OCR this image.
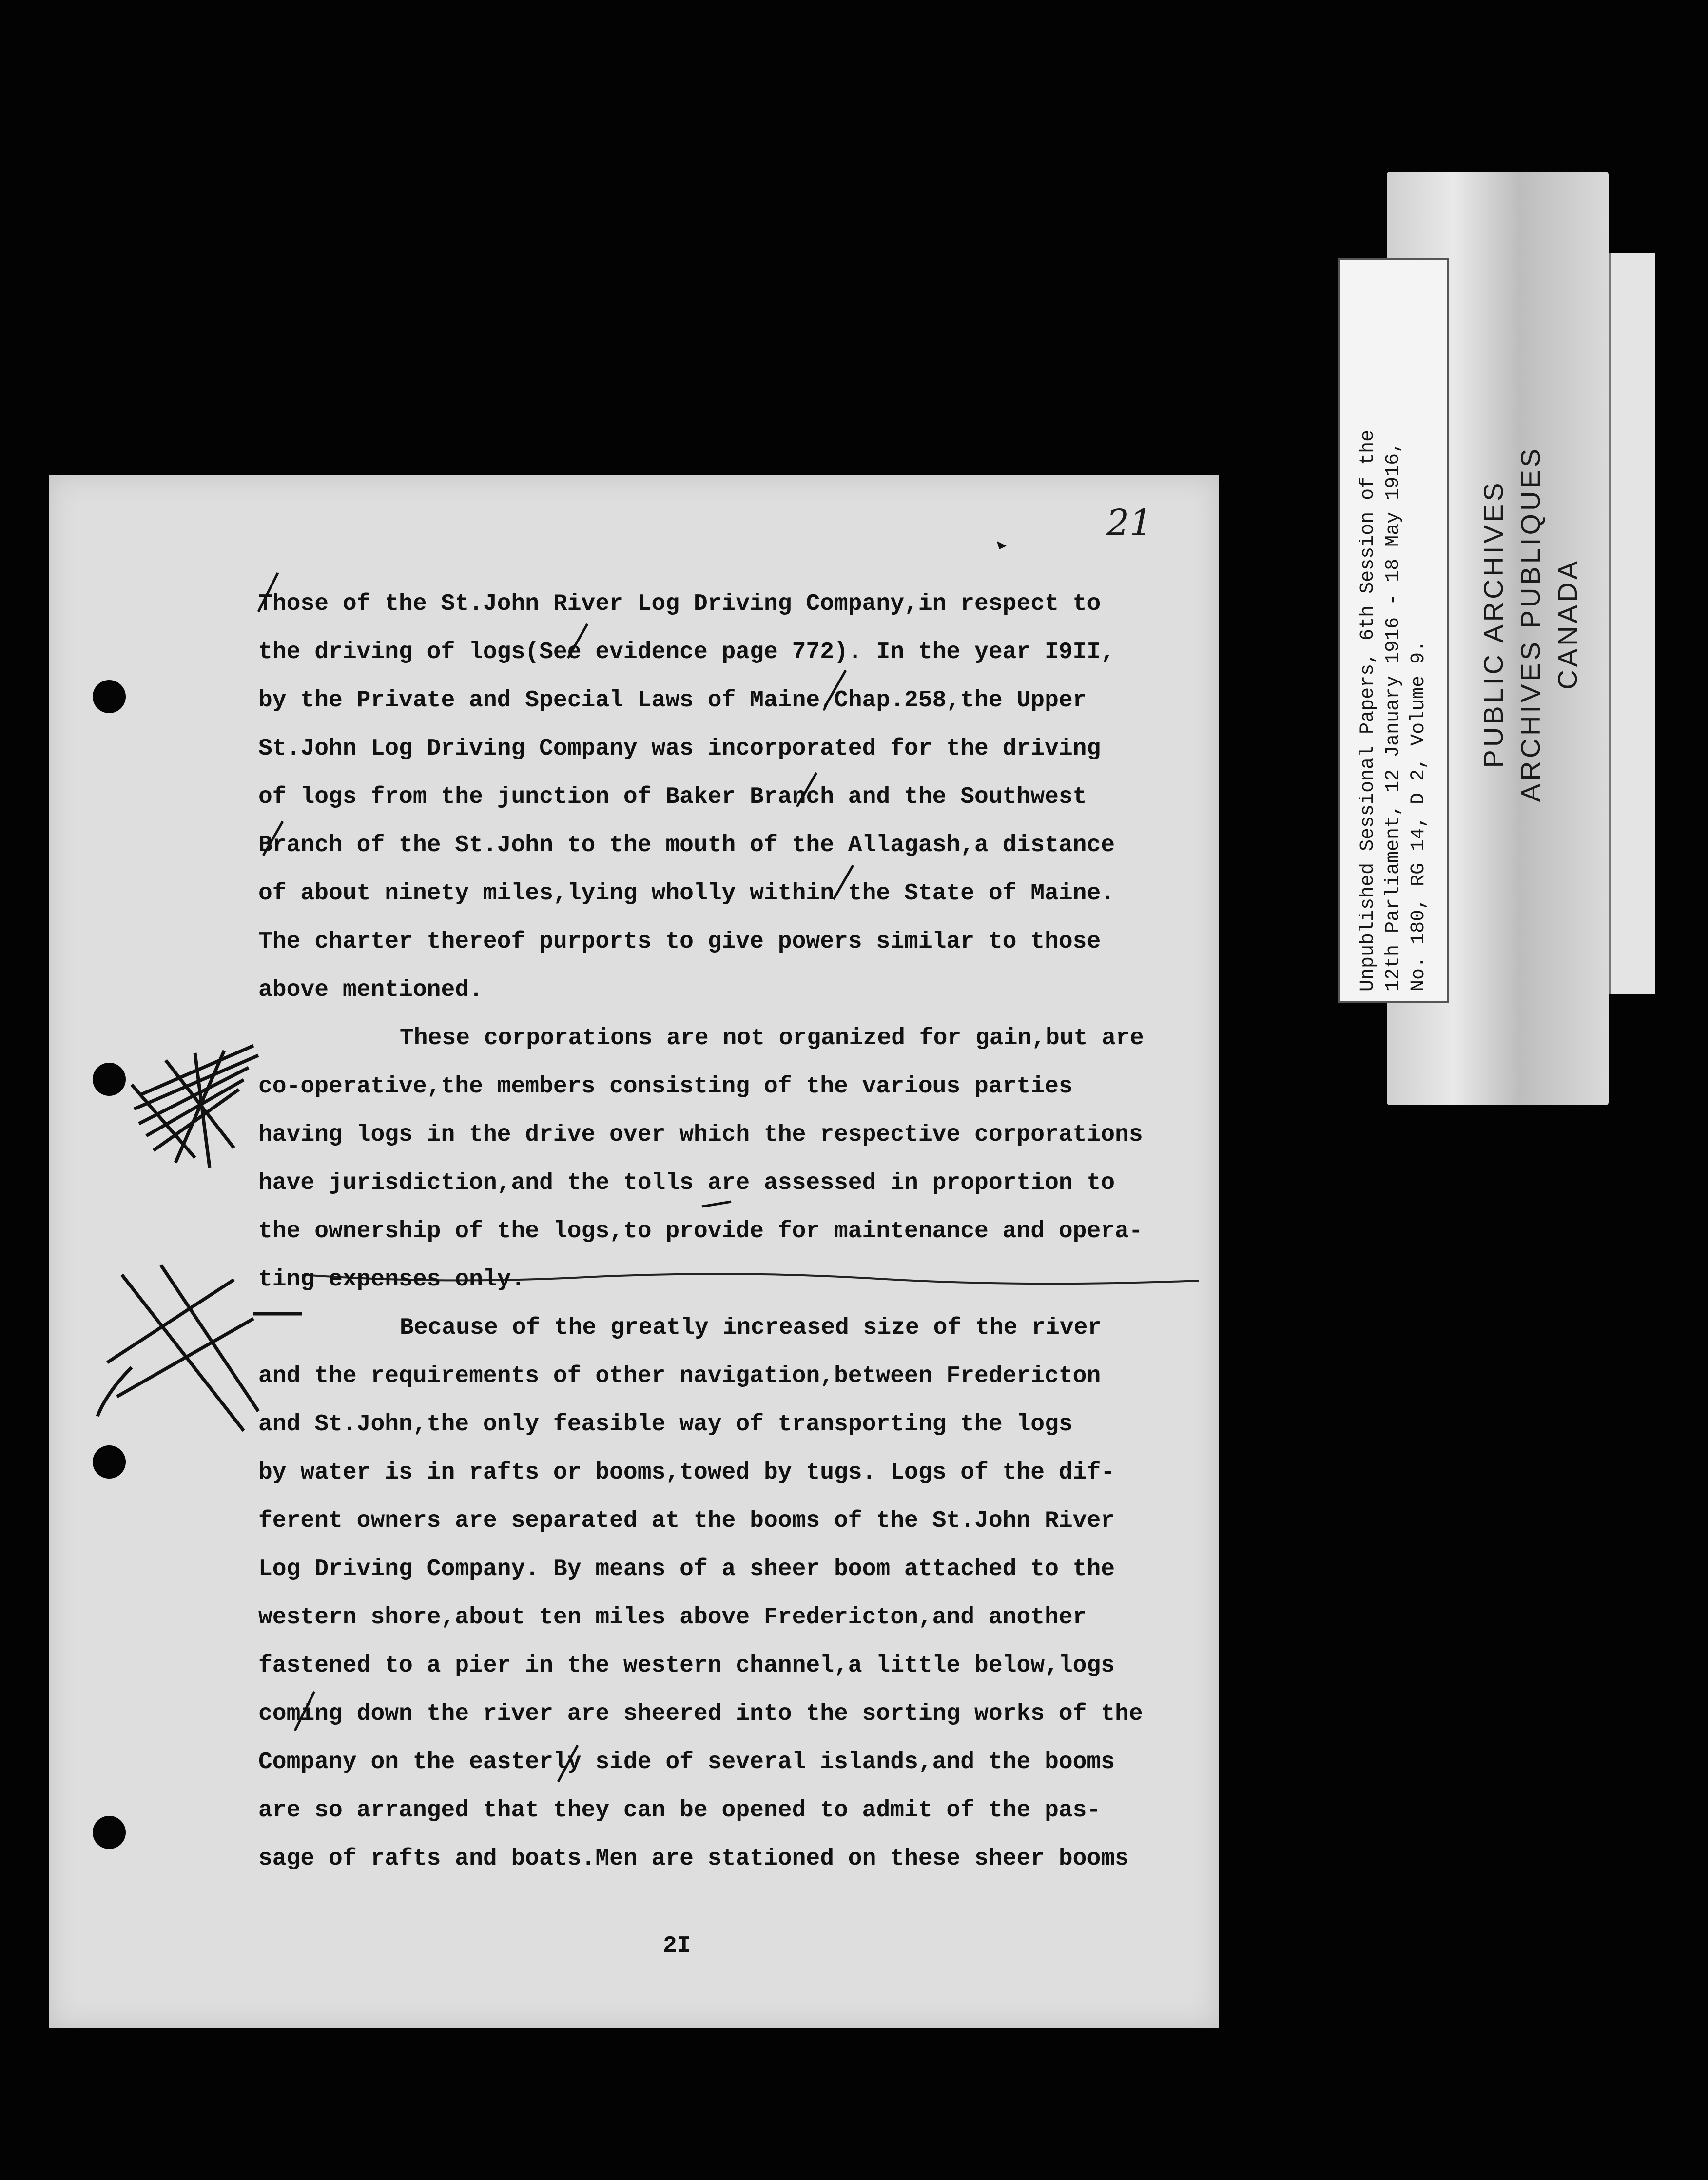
Unpublished Sessional Papers, 6th Session of the 12th Parliament, 12 January 1916 - 18 May 1916, No. 180, RG 14, D 2, Volume 9.
PUBLIC ARCHIVES ARCHIVES PUBLIQUES CANADA
21
Those of the St.John River Log Driving Company,in respect to
the driving of logs(See evidence page 772). In the year I9II,
by the Private and Special Laws of Maine,Chap.258,the Upper
St.John Log Driving Company was incorporated for the driving
of logs from the junction of Baker Branch and the Southwest
Branch of the St.John to the mouth of the Allagash,a distance
of about ninety miles,lying wholly within the State of Maine.
The charter thereof purports to give powers similar to those
above mentioned.
These corporations are not organized for gain,but are
co-operative,the members consisting of the various parties
having logs in the drive over which the respective corporations
have jurisdiction,and the tolls are assessed in proportion to
the ownership of the logs,to provide for maintenance and opera-
ting expenses only.
Because of the greatly increased size of the river
and the requirements of other navigation,between Fredericton
and St.John,the only feasible way of transporting the logs
by water is in rafts or booms,towed by tugs. Logs of the dif-
ferent owners are separated at the booms of the St.John River
Log Driving Company. By means of a sheer boom attached to the
western shore,about ten miles above Fredericton,and another
fastened to a pier in the western channel,a little below,logs
coming down the river are sheered into the sorting works of the
Company on the easterly side of several islands,and the booms
are so arranged that they can be opened to admit of the pas-
sage of rafts and boats.Men are stationed on these sheer booms
2I
